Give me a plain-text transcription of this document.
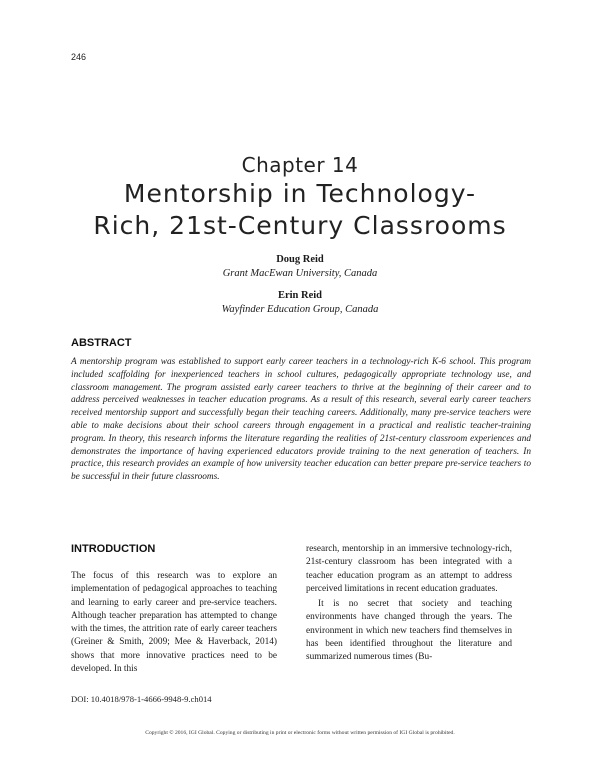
246
Chapter 14
Mentorship in Technology-
Rich, 21st-Century Classrooms
Doug Reid
Grant MacEwan University, Canada
Erin Reid
Wayfinder Education Group, Canada
ABSTRACT
A mentorship program was established to support early career teachers in a technology-rich K-6 school. This program included scaffolding for inexperienced teachers in school cultures, pedagogically appropriate technology use, and classroom management. The program assisted early career teachers to thrive at the beginning of their career and to address perceived weaknesses in teacher education programs. As a result of this research, several early career teachers received mentorship support and successfully began their teaching careers. Additionally, many pre-service teachers were able to make decisions about their school careers through engagement in a practical and realistic teacher-training program. In theory, this research informs the literature regarding the realities of 21st-century classroom experiences and demonstrates the importance of having experienced educators provide training to the next generation of teachers. In practice, this research provides an example of how university teacher education can better prepare pre-service teachers to be successful in their future classrooms.
INTRODUCTION

The focus of this research was to explore an implementation of pedagogical approaches to teaching and learning to early career and pre-service teachers. Although teacher preparation has attempted to change with the times, the attrition rate of early career teachers (Greiner & Smith, 2009; Mee & Haverback, 2014) shows that more innovative practices need to be developed. In this

research, mentorship in an immersive technology-rich, 21st-century classroom has been integrated with a teacher education program as an attempt to address perceived limitations in recent education graduates.

It is no secret that society and teaching environments have changed through the years. The environment in which new teachers find themselves in has been identified throughout the literature and summarized numerous times (Bu-

DOI: 10.4018/978-1-4666-9948-9.ch014
Copyright © 2016, IGI Global. Copying or distributing in print or electronic forms without written permission of IGI Global is prohibited.
